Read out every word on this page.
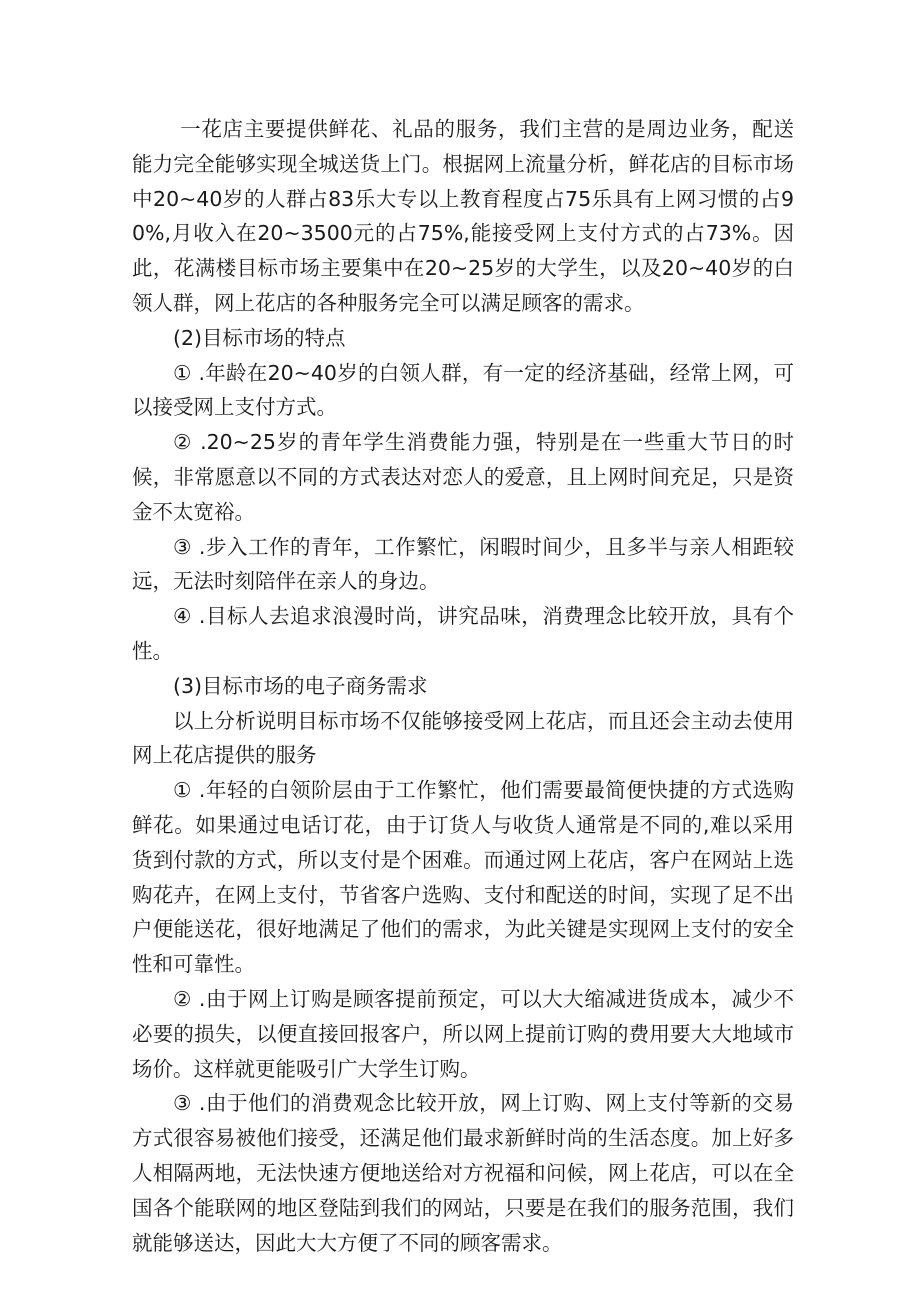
一花店主要提供鲜花、礼品的服务，我们主营的是周边业务，配送能力完全能够实现全城送货上门。根据网上流量分析，鲜花店的目标市场中20~40岁的人群占83乐大专以上教育程度占75乐具有上网习惯的占90%,月收入在20~3500元的占75%,能接受网上支付方式的占73%。因此，花满楼目标市场主要集中在20~25岁的大学生，以及20~40岁的白领人群，网上花店的各种服务完全可以满足顾客的需求。

(2)目标市场的特点

① .年龄在20~40岁的白领人群，有一定的经济基础，经常上网，可以接受网上支付方式。

② .20~25岁的青年学生消费能力强，特别是在一些重大节日的时候，非常愿意以不同的方式表达对恋人的爱意，且上网时间充足，只是资金不太宽裕。

③ .步入工作的青年，工作繁忙，闲暇时间少，且多半与亲人相距较远，无法时刻陪伴在亲人的身边。

④ .目标人去追求浪漫时尚，讲究品味，消费理念比较开放，具有个性。

(3)目标市场的电子商务需求

以上分析说明目标市场不仅能够接受网上花店，而且还会主动去使用网上花店提供的服务

① .年轻的白领阶层由于工作繁忙，他们需要最简便快捷的方式选购鲜花。如果通过电话订花，由于订货人与收货人通常是不同的,难以采用货到付款的方式，所以支付是个困难。而通过网上花店，客户在网站上选购花卉，在网上支付，节省客户选购、支付和配送的时间，实现了足不出户便能送花，很好地满足了他们的需求，为此关键是实现网上支付的安全性和可靠性。

② .由于网上订购是顾客提前预定，可以大大缩减进货成本，减少不必要的损失，以便直接回报客户，所以网上提前订购的费用要大大地域市场价。这样就更能吸引广大学生订购。

③ .由于他们的消费观念比较开放，网上订购、网上支付等新的交易方式很容易被他们接受，还满足他们最求新鲜时尚的生活态度。加上好多人相隔两地，无法快速方便地送给对方祝福和问候，网上花店，可以在全国各个能联网的地区登陆到我们的网站，只要是在我们的服务范围，我们就能够送达，因此大大方便了不同的顾客需求。
